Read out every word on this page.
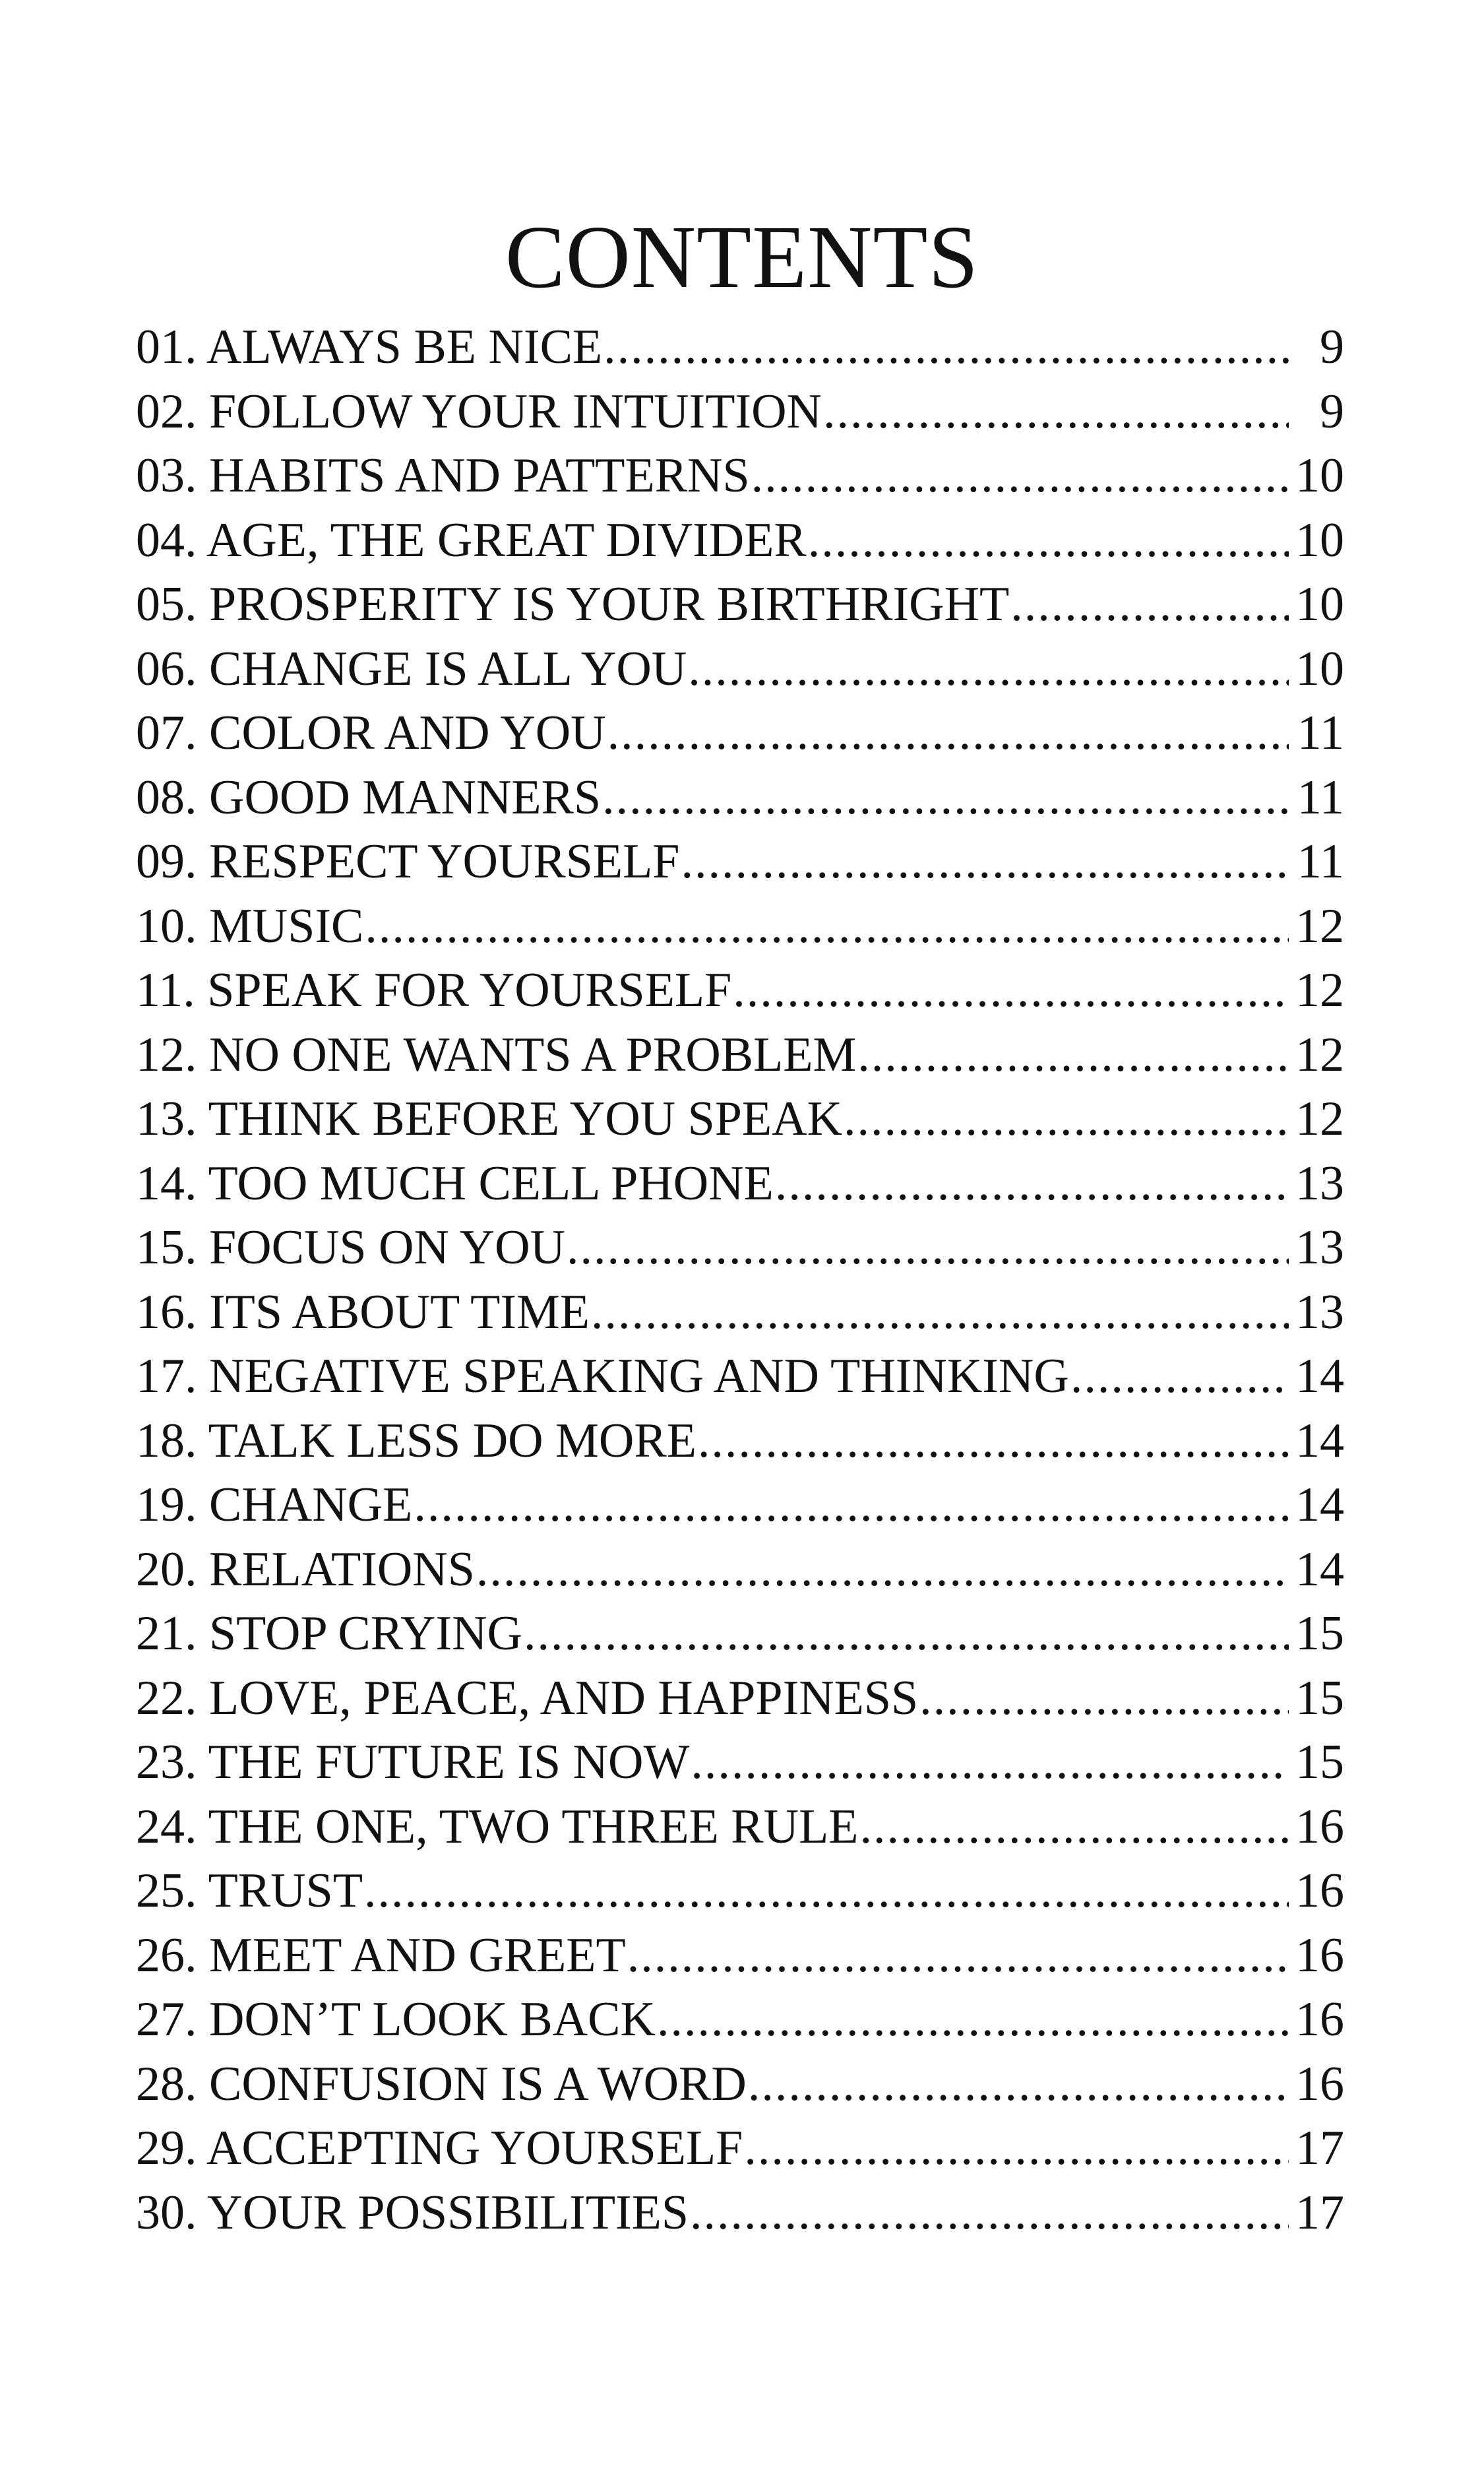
CONTENTS
01. ALWAYS BE NICE .....	9
02. FOLLOW YOUR INTUITION .....	9
03. HABITS AND PATTERNS .....	10
04. AGE, THE GREAT DIVIDER .....	10
05. PROSPERITY IS YOUR BIRTHRIGHT .....	10
06. CHANGE IS ALL YOU .....	10
07. COLOR AND YOU .....	11
08. GOOD MANNERS .....	11
09. RESPECT YOURSELF .....	11
10. MUSIC .....	12
11. SPEAK FOR YOURSELF .....	12
12. NO ONE WANTS A PROBLEM .....	12
13. THINK BEFORE YOU SPEAK .....	12
14. TOO MUCH CELL PHONE .....	13
15. FOCUS ON YOU .....	13
16. ITS ABOUT TIME .....	13
17. NEGATIVE SPEAKING AND THINKING .....	14
18. TALK LESS DO MORE .....	14
19. CHANGE .....	14
20. RELATIONS .....	14
21. STOP CRYING .....	15
22. LOVE, PEACE, AND HAPPINESS .....	15
23. THE FUTURE IS NOW .....	15
24. THE ONE, TWO THREE RULE .....	16
25. TRUST .....	16
26. MEET AND GREET .....	16
27. DON’T LOOK BACK .....	16
28. CONFUSION IS A WORD .....	16
29. ACCEPTING YOURSELF .....	17
30. YOUR POSSIBILITIES .....	17
